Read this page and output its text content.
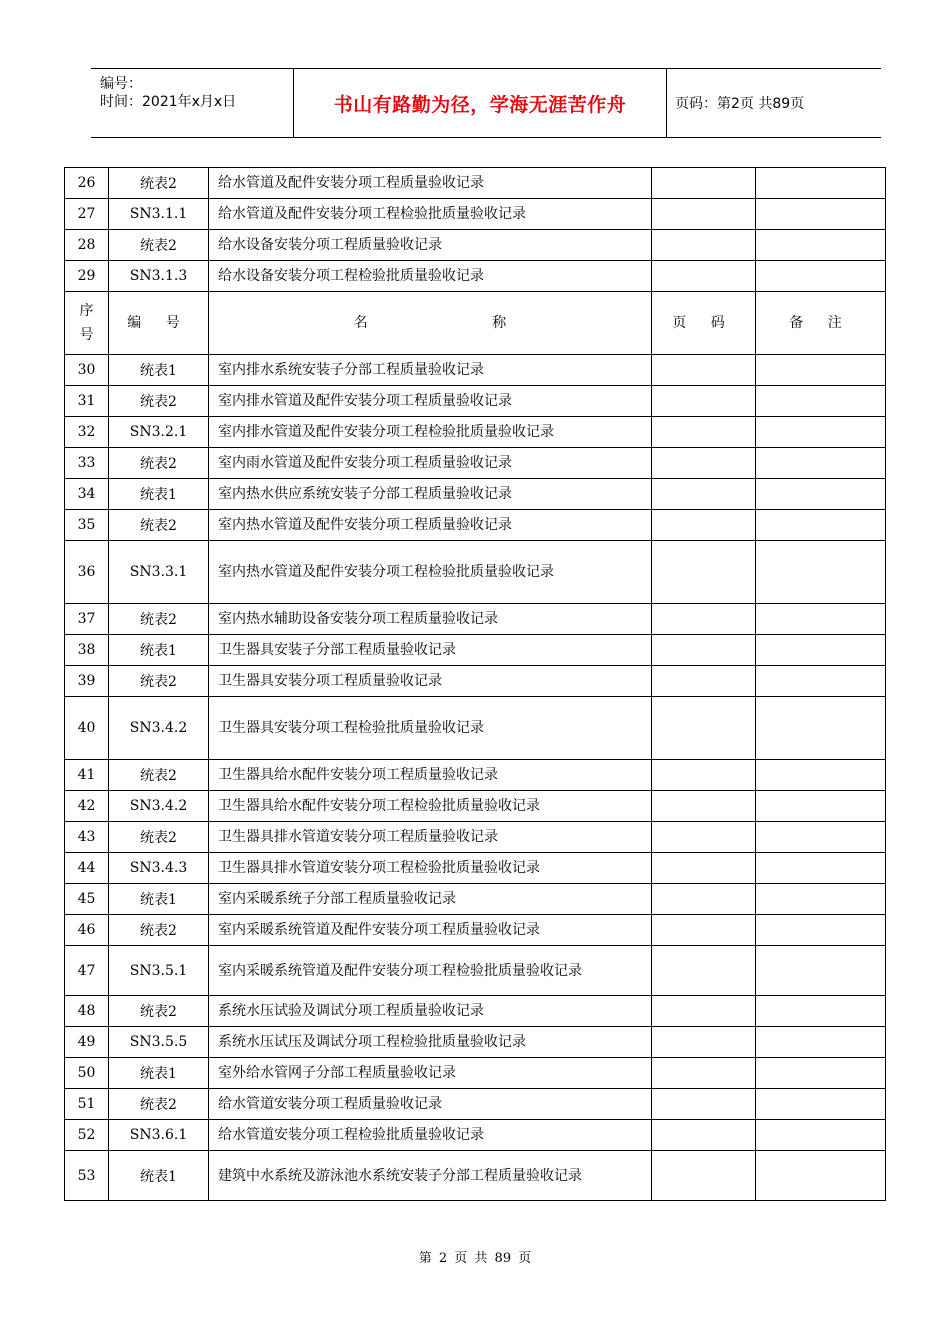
编号：
时间：2021年x月x日	书山有路勤为径，学海无涯苦作舟	页码：第2页 共89页
26	统表2	给水管道及配件安装分项工程质量验收记录		
27	SN3.1.1	给水管道及配件安装分项工程检验批质量验收记录		
28	统表2	给水设备安装分项工程质量验收记录		
29	SN3.1.3	给水设备安装分项工程检验批质量验收记录		
序号	编 号	名 称	页 码	备 注
30	统表1	室内排水系统安装子分部工程质量验收记录		
31	统表2	室内排水管道及配件安装分项工程质量验收记录		
32	SN3.2.1	室内排水管道及配件安装分项工程检验批质量验收记录		
33	统表2	室内雨水管道及配件安装分项工程质量验收记录		
34	统表1	室内热水供应系统安装子分部工程质量验收记录		
35	统表2	室内热水管道及配件安装分项工程质量验收记录		
36	SN3.3.1	室内热水管道及配件安装分项工程检验批质量验收记录		
37	统表2	室内热水辅助设备安装分项工程质量验收记录		
38	统表1	卫生器具安装子分部工程质量验收记录		
39	统表2	卫生器具安装分项工程质量验收记录		
40	SN3.4.2	卫生器具安装分项工程检验批质量验收记录		
41	统表2	卫生器具给水配件安装分项工程质量验收记录		
42	SN3.4.2	卫生器具给水配件安装分项工程检验批质量验收记录		
43	统表2	卫生器具排水管道安装分项工程质量验收记录		
44	SN3.4.3	卫生器具排水管道安装分项工程检验批质量验收记录		
45	统表1	室内采暖系统子分部工程质量验收记录		
46	统表2	室内采暖系统管道及配件安装分项工程质量验收记录		
47	SN3.5.1	室内采暖系统管道及配件安装分项工程检验批质量验收记录		
48	统表2	系统水压试验及调试分项工程质量验收记录		
49	SN3.5.5	系统水压试压及调试分项工程检验批质量验收记录		
50	统表1	室外给水管网子分部工程质量验收记录		
51	统表2	给水管道安装分项工程质量验收记录		
52	SN3.6.1	给水管道安装分项工程检验批质量验收记录		
53	统表1	建筑中水系统及游泳池水系统安装子分部工程质量验收记录		
第 2 页 共 89 页
